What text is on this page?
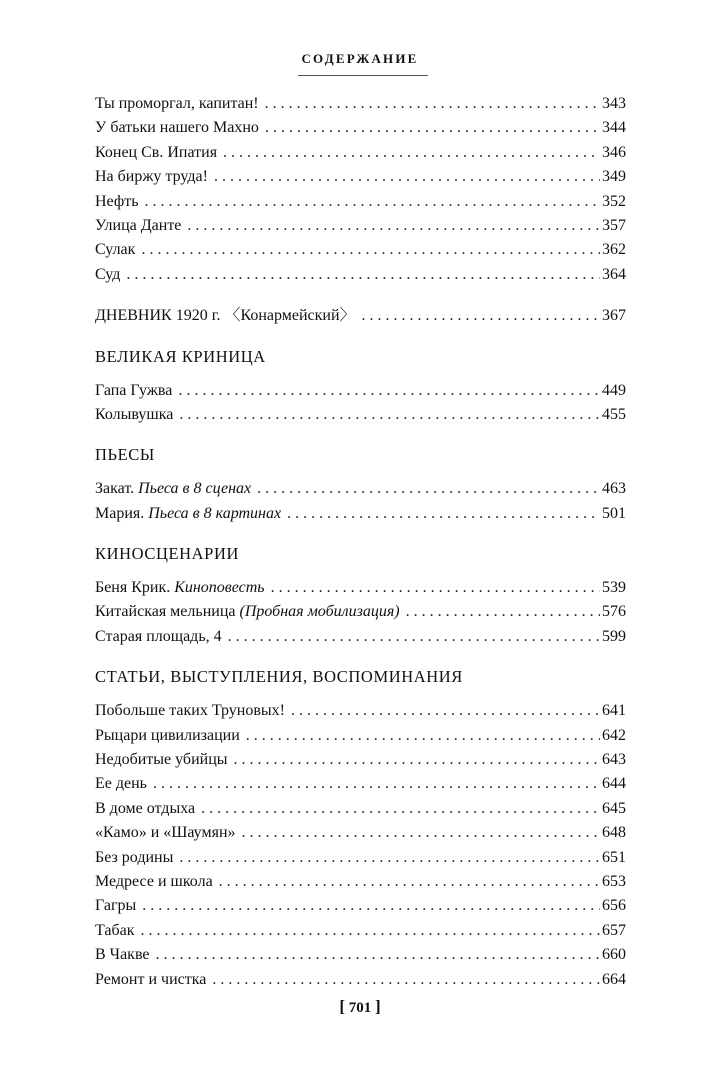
СОДЕРЖАНИЕ
Ты проморгал, капитан! . . .	343
У батьки нашего Махно . . .	344
Конец Св. Ипатия . . .	346
На биржу труда! . . .	349
Нефть . . .	352
Улица Данте . . .	357
Сулак . . .	362
Суд . . .	364
ДНЕВНИК 1920 г. 〈Конармейский〉 . . .	367
ВЕЛИКАЯ КРИНИЦА
Гапа Гужва . . .	449
Колывушка . . .	455
ПЬЕСЫ
Закат. Пьеса в 8 сценах . . .	463
Мария. Пьеса в 8 картинах . . .	501
КИНОСЦЕНАРИИ
Беня Крик. Киноповесть . . .	539
Китайская мельница (Пробная мобилизация) . . .	576
Старая площадь, 4 . . .	599
СТАТЬИ, ВЫСТУПЛЕНИЯ, ВОСПОМИНАНИЯ
Побольше таких Труновых! . . .	641
Рыцари цивилизации . . .	642
Недобитые убийцы . . .	643
Ее день . . .	644
В доме отдыха . . .	645
«Камо» и «Шаумян» . . .	648
Без родины . . .	651
Медресе и школа . . .	653
Гагры . . .	656
Табак . . .	657
В Чакве . . .	660
Ремонт и чистка . . .	664
[ 701 ]
